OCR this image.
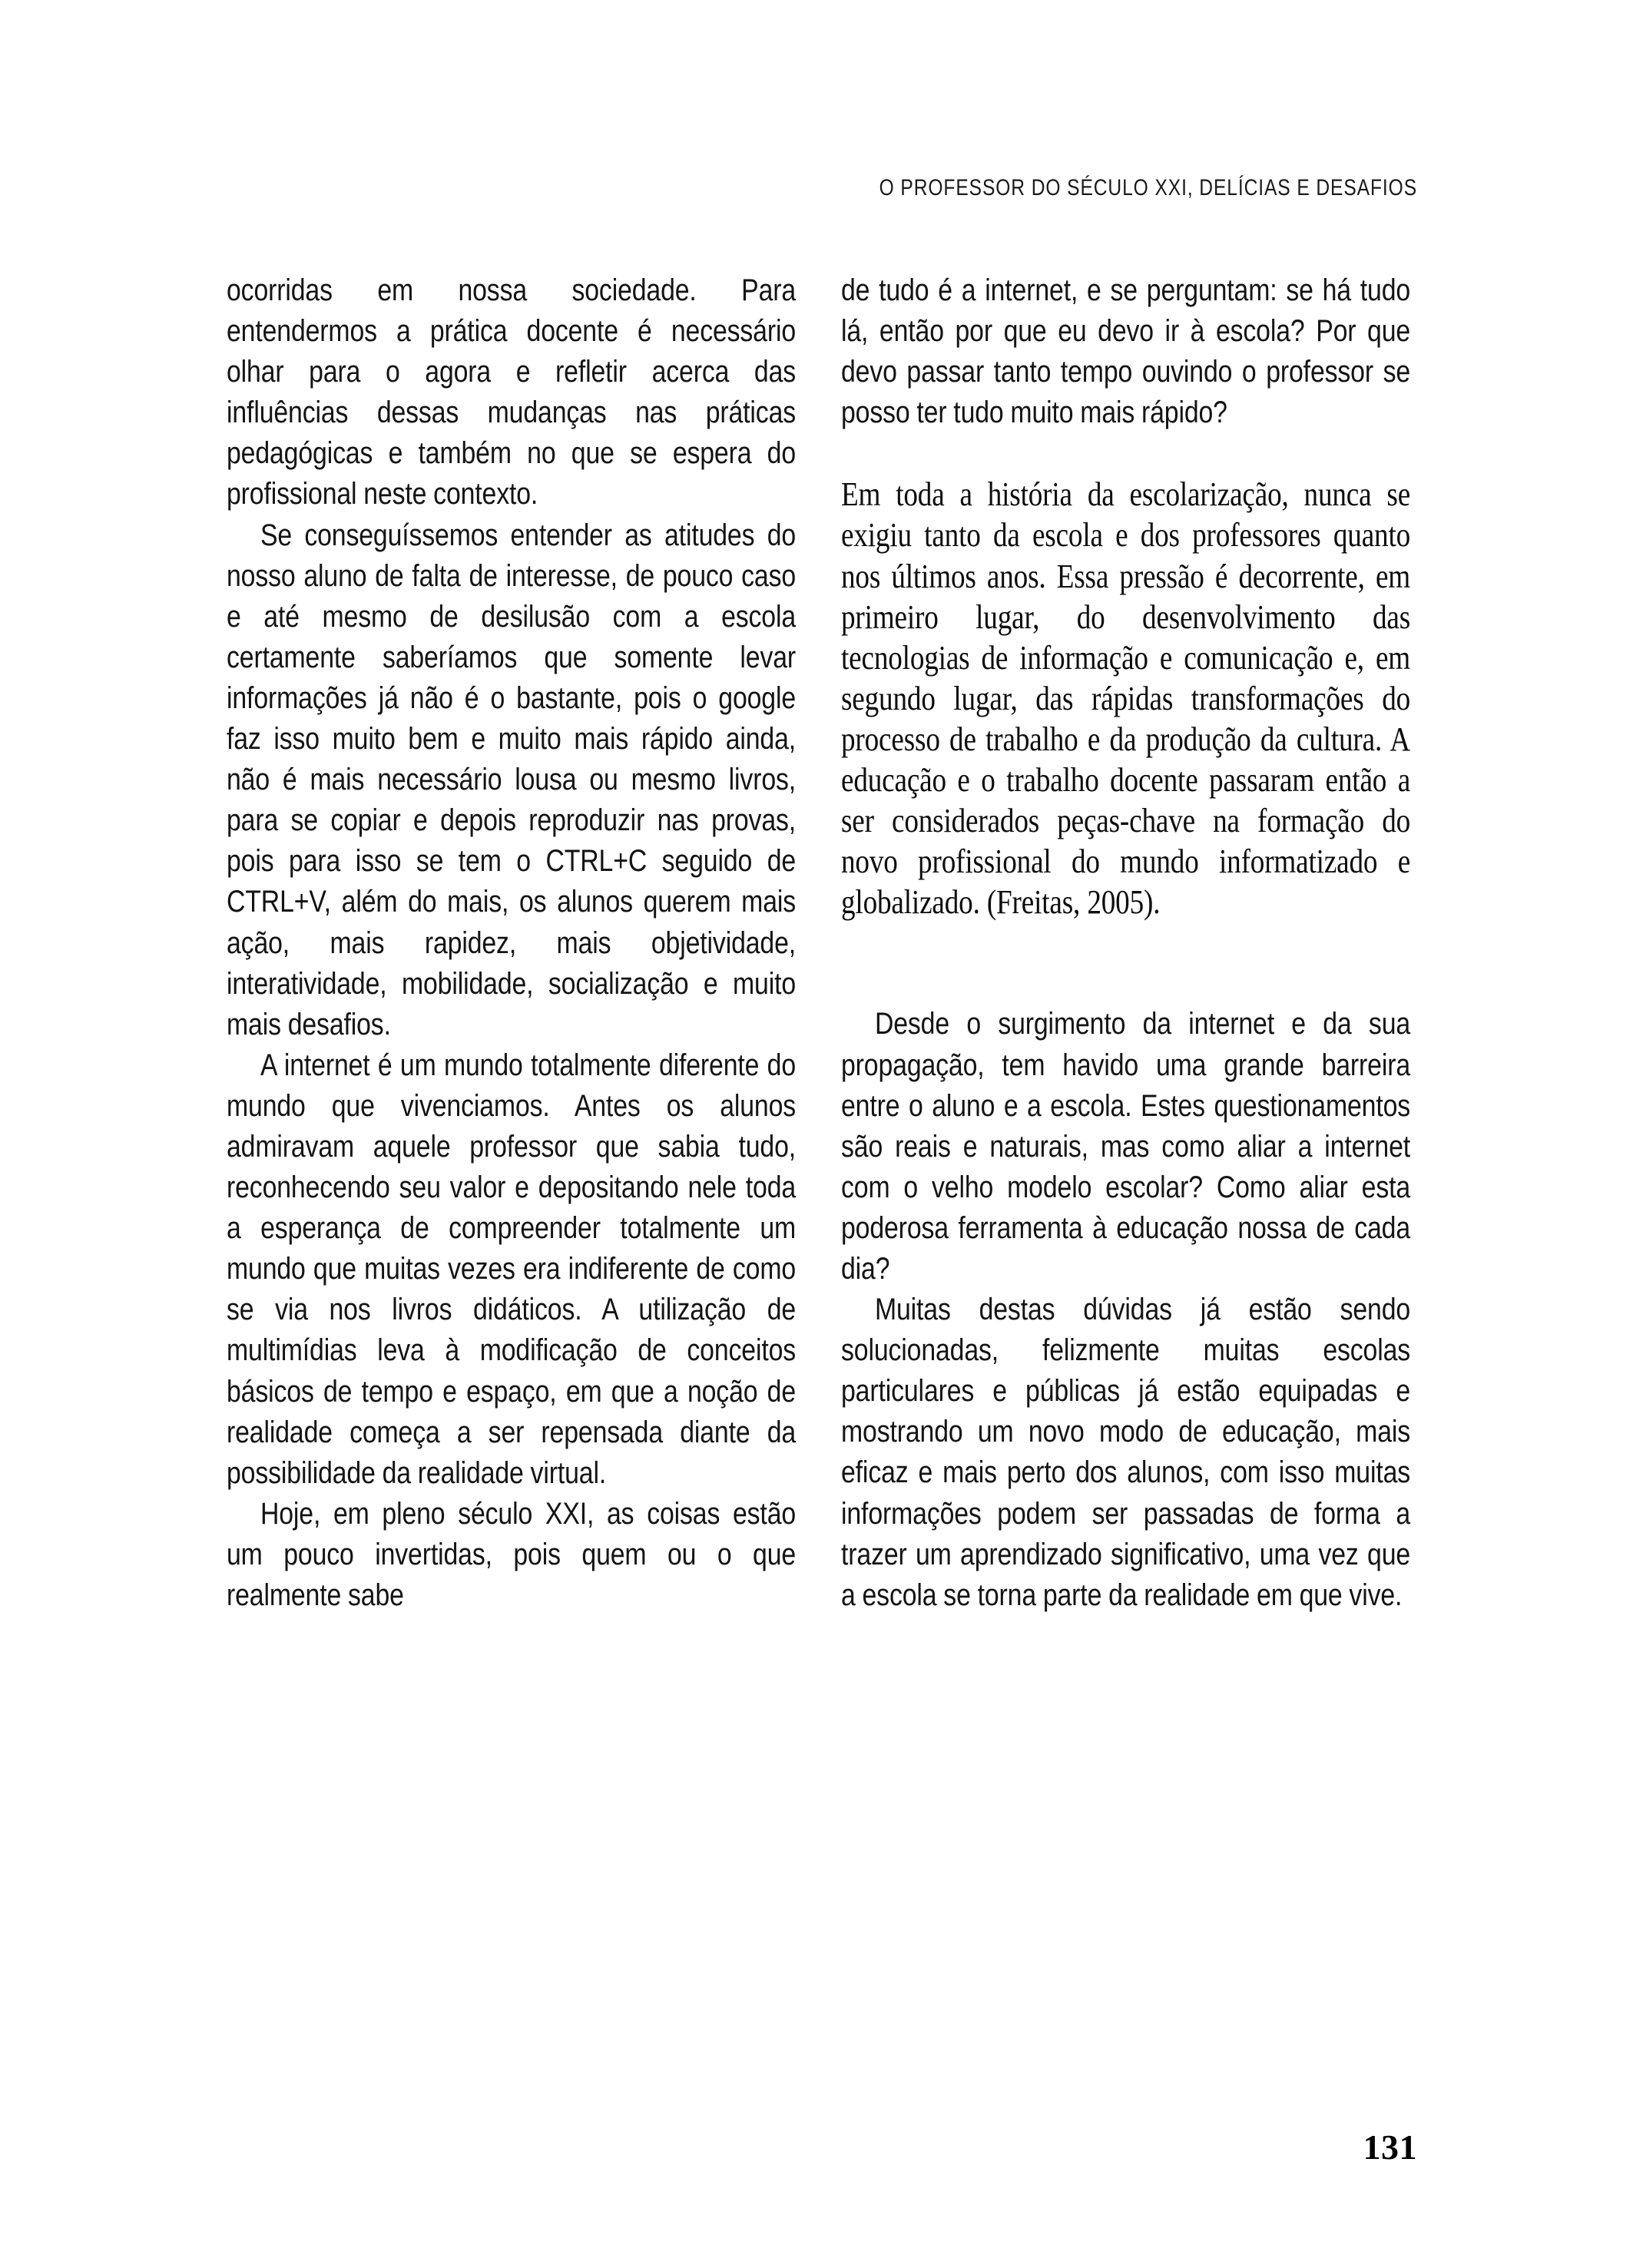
O PROFESSOR DO SÉCULO XXI, DELÍCIAS E DESAFIOS

ocorridas em nossa sociedade. Para entendermos a prática docente é necessário olhar para o agora e refletir acerca das influências dessas mudanças nas práticas pedagógicas e também no que se espera do profissional neste contexto.

Se conseguíssemos entender as atitudes do nosso aluno de falta de interesse, de pouco caso e até mesmo de desilusão com a escola certamente saberíamos que somente levar informações já não é o bastante, pois o google faz isso muito bem e muito mais rápido ainda, não é mais necessário lousa ou mesmo livros, para se copiar e depois reproduzir nas provas, pois para isso se tem o CTRL+C seguido de CTRL+V, além do mais, os alunos querem mais ação, mais rapidez, mais objetividade, interatividade, mobilidade, socialização e muito mais desafios.

A internet é um mundo totalmente diferente do mundo que vivenciamos. Antes os alunos admiravam aquele professor que sabia tudo, reconhecendo seu valor e depositando nele toda a esperança de compreender totalmente um mundo que muitas vezes era indiferente de como se via nos livros didáticos. A utilização de multimídias leva à modificação de conceitos básicos de tempo e espaço, em que a noção de realidade começa a ser repensada diante da possibilidade da realidade virtual.

Hoje, em pleno século XXI, as coisas estão um pouco invertidas, pois quem ou o que realmente sabe

de tudo é a internet, e se perguntam: se há tudo lá, então por que eu devo ir à escola? Por que devo passar tanto tempo ouvindo o professor se posso ter tudo muito mais rápido?

Em toda a história da escolarização, nunca se exigiu tanto da escola e dos professores quanto nos últimos anos. Essa pressão é decorrente, em primeiro lugar, do desenvolvimento das tecnologias de informação e comunicação e, em segundo lugar, das rápidas transformações do processo de trabalho e da produção da cultura. A educação e o trabalho docente passaram então a ser considerados peças-chave na formação do novo profissional do mundo informatizado e globalizado. (Freitas, 2005).

Desde o surgimento da internet e da sua propagação, tem havido uma grande barreira entre o aluno e a escola. Estes questionamentos são reais e naturais, mas como aliar a internet com o velho modelo escolar? Como aliar esta poderosa ferramenta à educação nossa de cada dia?

Muitas destas dúvidas já estão sendo solucionadas, felizmente muitas escolas particulares e públicas já estão equipadas e mostrando um novo modo de educação, mais eficaz e mais perto dos alunos, com isso muitas informações podem ser passadas de forma a trazer um aprendizado significativo, uma vez que a escola se torna parte da realidade em que vive.

131
